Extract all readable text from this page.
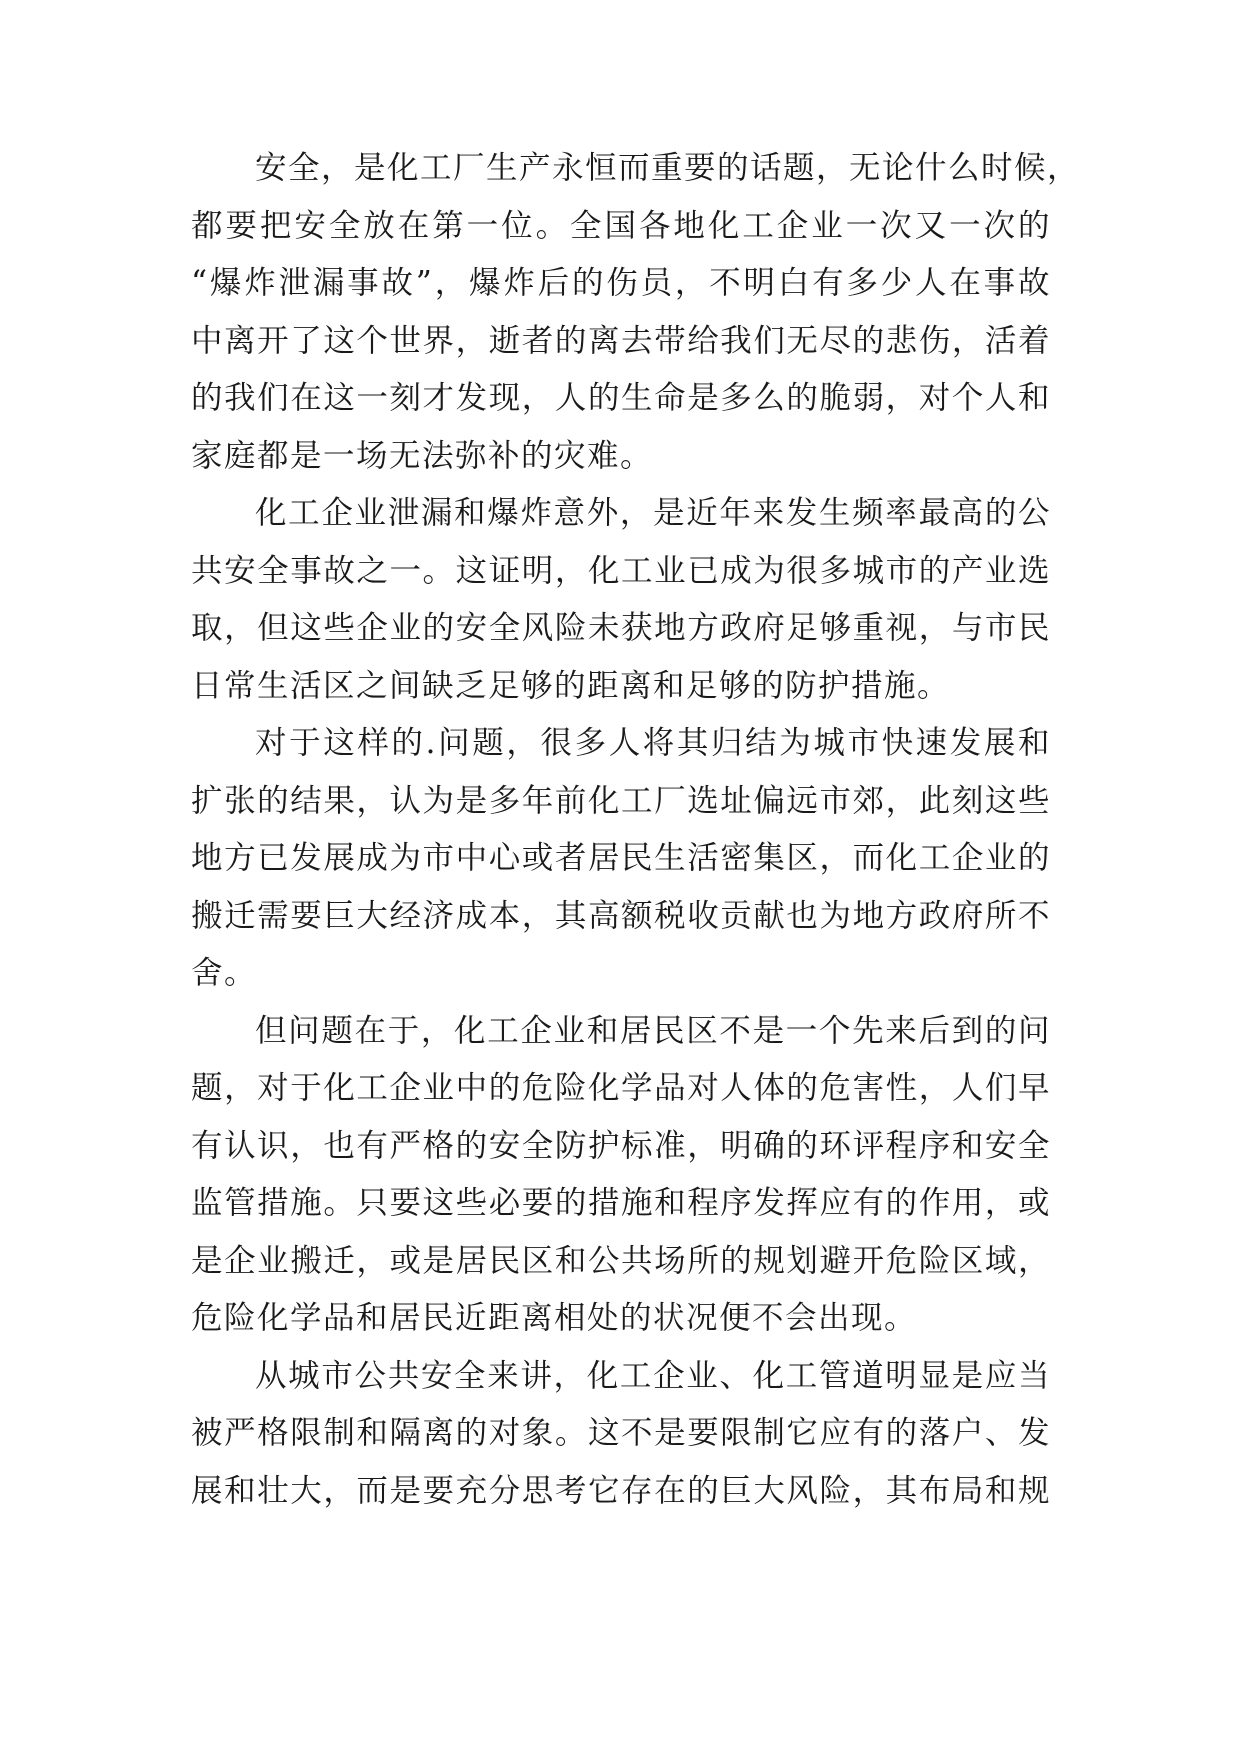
安全，是化工厂生产永恒而重要的话题，无论什么时候，
都要把安全放在第一位。全国各地化工企业一次又一次的
“爆炸泄漏事故”，爆炸后的伤员，不明白有多少人在事故
中离开了这个世界，逝者的离去带给我们无尽的悲伤，活着
的我们在这一刻才发现，人的生命是多么的脆弱，对个人和
家庭都是一场无法弥补的灾难。
化工企业泄漏和爆炸意外，是近年来发生频率最高的公
共安全事故之一。这证明，化工业已成为很多城市的产业选
取，但这些企业的安全风险未获地方政府足够重视，与市民
日常生活区之间缺乏足够的距离和足够的防护措施。
对于这样的.问题，很多人将其归结为城市快速发展和
扩张的结果，认为是多年前化工厂选址偏远市郊，此刻这些
地方已发展成为市中心或者居民生活密集区，而化工企业的
搬迁需要巨大经济成本，其高额税收贡献也为地方政府所不
舍。
但问题在于，化工企业和居民区不是一个先来后到的问
题，对于化工企业中的危险化学品对人体的危害性，人们早
有认识，也有严格的安全防护标准，明确的环评程序和安全
监管措施。只要这些必要的措施和程序发挥应有的作用，或
是企业搬迁，或是居民区和公共场所的规划避开危险区域，
危险化学品和居民近距离相处的状况便不会出现。
从城市公共安全来讲，化工企业、化工管道明显是应当
被严格限制和隔离的对象。这不是要限制它应有的落户、发
展和壮大，而是要充分思考它存在的巨大风险，其布局和规
